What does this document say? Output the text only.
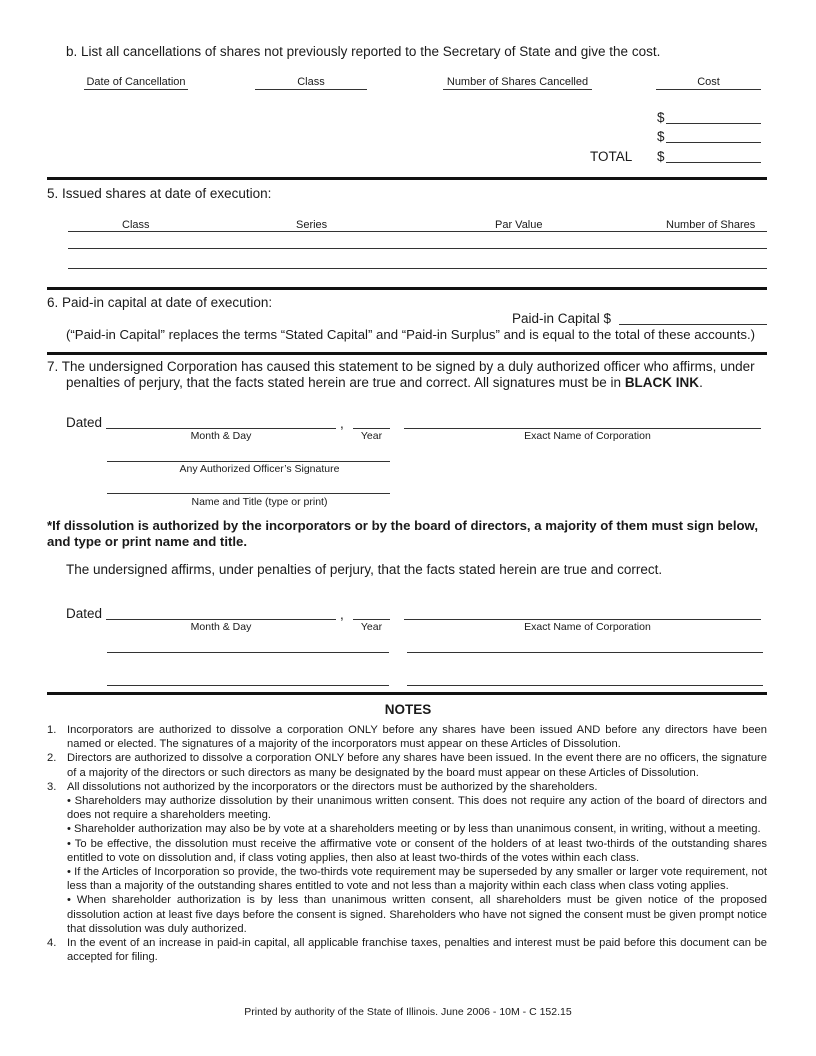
b. List all cancellations of shares not previously reported to the Secretary of State and give the cost.
Date of Cancellation	Class	Number of Shares Cancelled	Cost
$
$
TOTAL $
5. Issued shares at date of execution:
Class	Series	Par Value	Number of Shares
6. Paid-in capital at date of execution:
Paid-in Capital $
(“Paid-in Capital” replaces the terms “Stated Capital” and “Paid-in Surplus” and is equal to the total of these accounts.)
7. The undersigned Corporation has caused this statement to be signed by a duly authorized officer who affirms, under
penalties of perjury, that the facts stated herein are true and correct. All signatures must be in BLACK INK.
Dated	,
Month & Day	Year	Exact Name of Corporation
Any Authorized Officer’s Signature
Name and Title (type or print)
*If dissolution is authorized by the incorporators or by the board of directors, a majority of them must sign below,
and type or print name and title.
The undersigned affirms, under penalties of perjury, that the facts stated herein are true and correct.
Dated	,
Month & Day	Year	Exact Name of Corporation
NOTES
1. Incorporators are authorized to dissolve a corporation ONLY before any shares have been issued AND before any directors have been named or elected. The signatures of a majority of the incorporators must appear on these Articles of Dissolution.
2. Directors are authorized to dissolve a corporation ONLY before any shares have been issued. In the event there are no officers, the signature of a majority of the directors or such directors as many be designated by the board must appear on these Articles of Dissolution.
3. All dissolutions not authorized by the incorporators or the directors must be authorized by the shareholders.
• Shareholders may authorize dissolution by their unanimous written consent. This does not require any action of the board of directors and does not require a shareholders meeting.
• Shareholder authorization may also be by vote at a shareholders meeting or by less than unanimous consent, in writing, without a meeting.
• To be effective, the dissolution must receive the affirmative vote or consent of the holders of at least two-thirds of the outstanding shares entitled to vote on dissolution and, if class voting applies, then also at least two-thirds of the votes within each class.
• If the Articles of Incorporation so provide, the two-thirds vote requirement may be superseded by any smaller or larger vote requirement, not less than a majority of the outstanding shares entitled to vote and not less than a majority within each class when class voting applies.
• When shareholder authorization is by less than unanimous written consent, all shareholders must be given notice of the proposed dissolution action at least five days before the consent is signed. Shareholders who have not signed the consent must be given prompt notice that dissolution was duly authorized.
4. In the event of an increase in paid-in capital, all applicable franchise taxes, penalties and interest must be paid before this document can be accepted for filing.
Printed by authority of the State of Illinois. June 2006 - 10M - C 152.15
